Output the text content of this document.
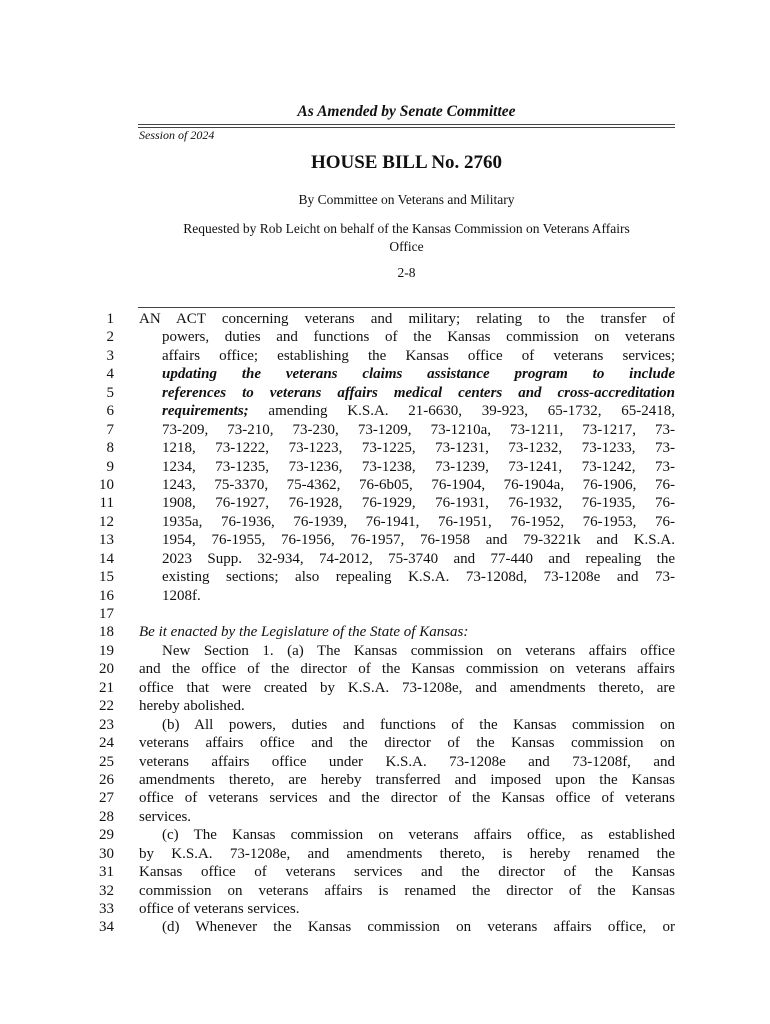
As Amended by Senate Committee
Session of 2024
HOUSE BILL No. 2760
By Committee on Veterans and Military
Requested by Rob Leicht on behalf of the Kansas Commission on Veterans Affairs
Office
2-8
1 AN ACT concerning veterans and military; relating to the transfer of
2	powers, duties and functions of the Kansas commission on veterans
3	affairs office; establishing the Kansas office of veterans services;
4	updating the veterans claims assistance program to include
5	references to veterans affairs medical centers and cross-accreditation
6	requirements; amending K.S.A. 21-6630, 39-923, 65-1732, 65-2418,
7	73-209, 73-210, 73-230, 73-1209, 73-1210a, 73-1211, 73-1217, 73-
8	1218, 73-1222, 73-1223, 73-1225, 73-1231, 73-1232, 73-1233, 73-
9	1234, 73-1235, 73-1236, 73-1238, 73-1239, 73-1241, 73-1242, 73-
10	1243, 75-3370, 75-4362, 76-6b05, 76-1904, 76-1904a, 76-1906, 76-
11	1908, 76-1927, 76-1928, 76-1929, 76-1931, 76-1932, 76-1935, 76-
12	1935a, 76-1936, 76-1939, 76-1941, 76-1951, 76-1952, 76-1953, 76-
13	1954, 76-1955, 76-1956, 76-1957, 76-1958 and 79-3221k and K.S.A.
14	2023 Supp. 32-934, 74-2012, 75-3740 and 77-440 and repealing the
15	existing sections; also repealing K.S.A. 73-1208d, 73-1208e and 73-
16	1208f.
17
18 Be it enacted by the Legislature of the State of Kansas:
19	New Section 1. (a) The Kansas commission on veterans affairs office
20 and the office of the director of the Kansas commission on veterans affairs
21 office that were created by K.S.A. 73-1208e, and amendments thereto, are
22 hereby abolished.
23	(b) All powers, duties and functions of the Kansas commission on
24 veterans affairs office and the director of the Kansas commission on
25 veterans affairs office under K.S.A. 73-1208e and 73-1208f, and
26 amendments thereto, are hereby transferred and imposed upon the Kansas
27 office of veterans services and the director of the Kansas office of veterans
28 services.
29	(c) The Kansas commission on veterans affairs office, as established
30 by K.S.A. 73-1208e, and amendments thereto, is hereby renamed the
31 Kansas office of veterans services and the director of the Kansas
32 commission on veterans affairs is renamed the director of the Kansas
33 office of veterans services.
34	(d) Whenever the Kansas commission on veterans affairs office, or
